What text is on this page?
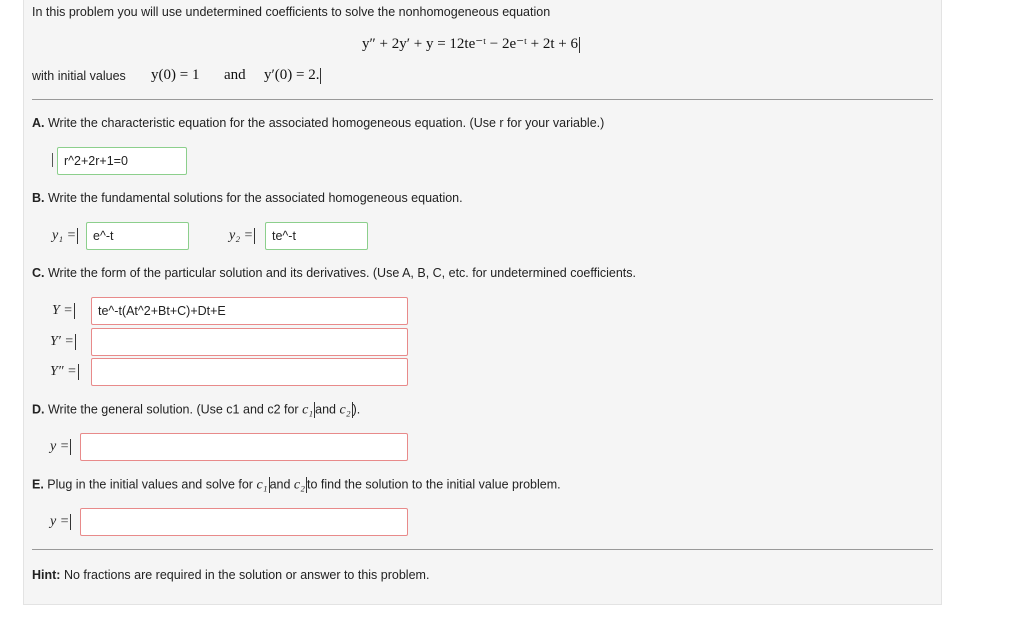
In this problem you will use undetermined coefficients to solve the nonhomogeneous equation
y″ + 2y′ + y = 12te⁻ᵗ − 2e⁻ᵗ + 2t + 6
with initial values y(0) = 1 and y′(0) = 2.
A. Write the characteristic equation for the associated homogeneous equation. (Use r for your variable.)
r^2+2r+1=0
B. Write the fundamental solutions for the associated homogeneous equation.
y₁ =
e^-t	y₂ =
te^-t
C. Write the form of the particular solution and its derivatives. (Use A, B, C, etc. for undetermined coefficients.
Y =
te^-t(At^2+Bt+C)+Dt+E
Y′ =
Y″ =
D. Write the general solution. (Use c1 and c2 for c₁ and c₂ ).
y =
E. Plug in the initial values and solve for c₁ and c₂ to find the solution to the initial value problem.
y =
Hint: No fractions are required in the solution or answer to this problem.
